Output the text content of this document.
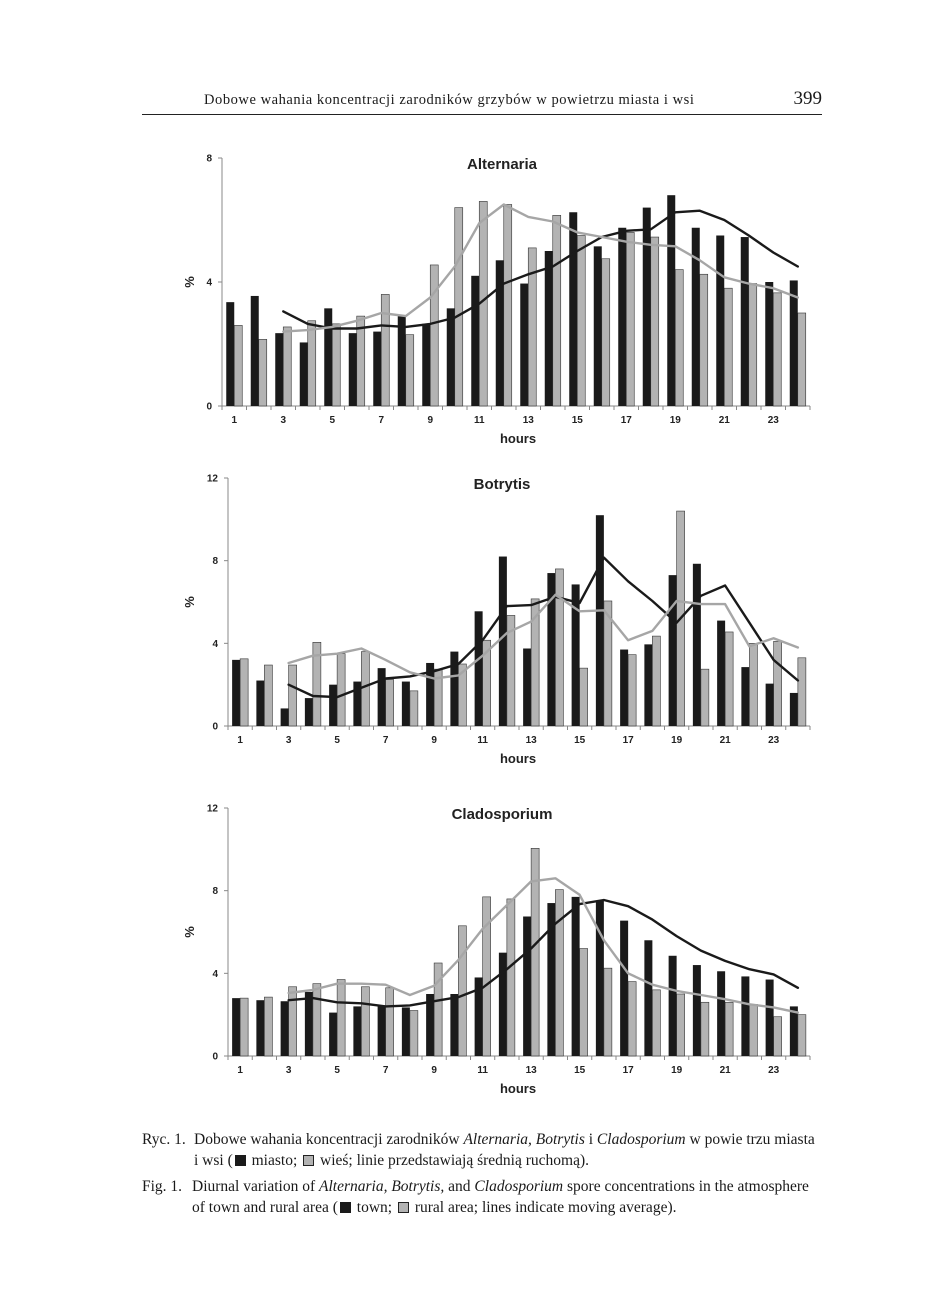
Dobowe wahania koncentracji zarodników grzybów w powietrzu miasta i wsi	399
0
4
8
1	3	5	7	9	11	13	15	17	19	21	23
Alternaria
hours
%
0
4
8
12
1	3	5	7	9	11	13	15	17	19	21	23
Botrytis
hours
%
0
4
8
12
1	3	5	7	9	11	13	15	17	19	21	23
Cladosporium
hours
%
Ryc. 1. Dobowe wahania koncentracji zarodników Alternaria, Botrytis i Cladosporium w powie trzu miasta i wsi ( miasto;  wieś; linie przedstawiają średnią ruchomą).
Fig. 1. Diurnal variation of Alternaria, Botrytis, and Cladosporium spore concentrations in the atmosphere of town and rural area ( town;  rural area; lines indicate moving average).
